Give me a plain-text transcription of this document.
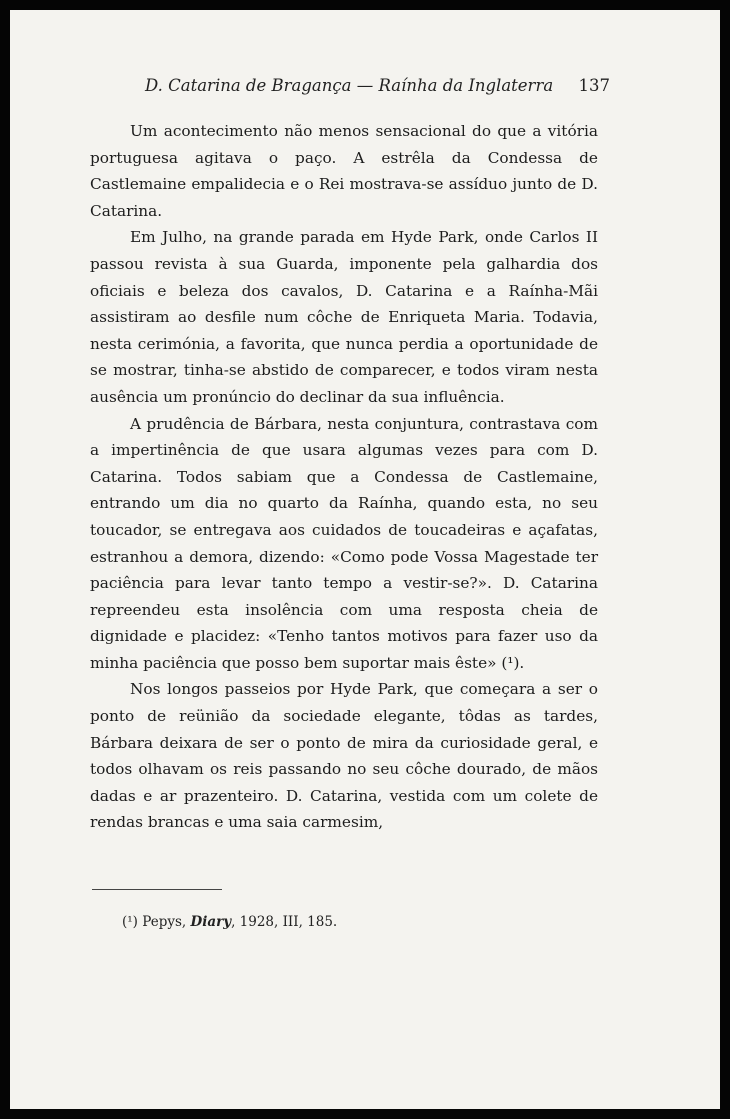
D. Catarina de Bragança — Raínha da Inglaterra 137

Um acontecimento não menos sensacional do que a vitória portuguesa agitava o paço. A estrêla da Condessa de Castlemaine empalidecia e o Rei mostrava-se assíduo junto de D. Catarina.

Em Julho, na grande parada em Hyde Park, onde Carlos II passou revista à sua Guarda, imponente pela galhardia dos oficiais e beleza dos cavalos, D. Catarina e a Raínha-Mãi assistiram ao desfile num côche de Enriqueta Maria. Todavia, nesta cerimónia, a favorita, que nunca perdia a oportunidade de se mostrar, tinha-se abstido de comparecer, e todos viram nesta ausência um pronúncio do declinar da sua influência.

A prudência de Bárbara, nesta conjuntura, contrastava com a impertinência de que usara algumas vezes para com D. Catarina. Todos sabiam que a Condessa de Castlemaine, entrando um dia no quarto da Raínha, quando esta, no seu toucador, se entregava aos cuidados de toucadeiras e açafatas, estranhou a demora, dizendo: «Como pode Vossa Magestade ter paciência para levar tanto tempo a vestir-se?». D. Catarina repreendeu esta insolência com uma resposta cheia de dignidade e placidez: «Tenho tantos motivos para fazer uso da minha paciência que posso bem suportar mais êste» (¹).

Nos longos passeios por Hyde Park, que começara a ser o ponto de reünião da sociedade elegante, tôdas as tardes, Bárbara deixara de ser o ponto de mira da curiosidade geral, e todos olhavam os reis passando no seu côche dourado, de mãos dadas e ar prazenteiro. D. Catarina, vestida com um colete de rendas brancas e uma saia carmesim,

(¹) Pepys, Diary, 1928, III, 185.
